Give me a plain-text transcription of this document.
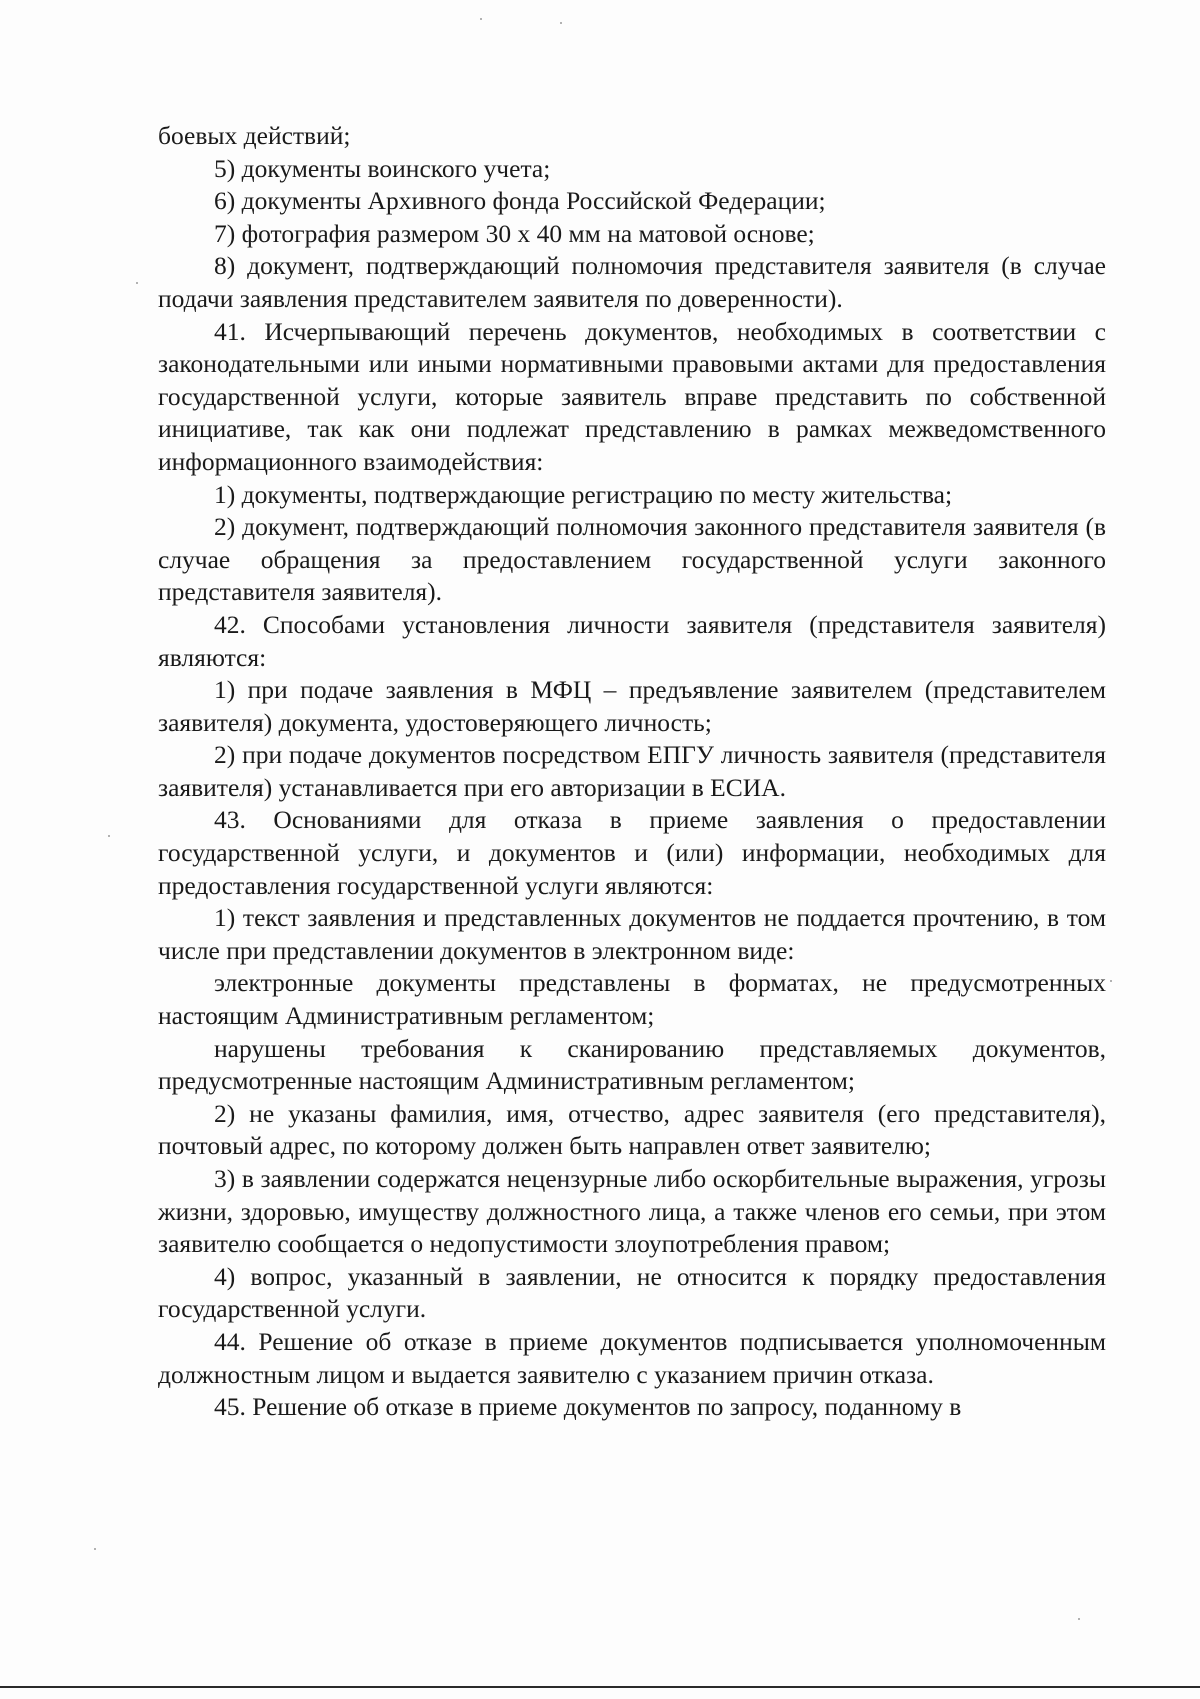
боевых действий;

5) документы воинского учета;

6) документы Архивного фонда Российской Федерации;

7) фотография размером 30 х 40 мм на матовой основе;

8) документ, подтверждающий полномочия представителя заявителя (в случае подачи заявления представителем заявителя по доверенности).

41. Исчерпывающий перечень документов, необходимых в соответствии с законодательными или иными нормативными правовыми актами для предоставления государственной услуги, которые заявитель вправе представить по собственной инициативе, так как они подлежат представлению в рамках межведомственного информационного взаимодействия:

1) документы, подтверждающие регистрацию по месту жительства;

2) документ, подтверждающий полномочия законного представителя заявителя (в случае обращения за предоставлением государственной услуги законного представителя заявителя).

42. Способами установления личности заявителя (представителя заявителя) являются:

1) при подаче заявления в МФЦ – предъявление заявителем (представителем заявителя) документа, удостоверяющего личность;

2) при подаче документов посредством ЕПГУ личность заявителя (представителя заявителя) устанавливается при его авторизации в ЕСИА.

43. Основаниями для отказа в приеме заявления о предоставлении государственной услуги, и документов и (или) информации, необходимых для предоставления государственной услуги являются:

1) текст заявления и представленных документов не поддается прочтению, в том числе при представлении документов в электронном виде:

электронные документы представлены в форматах, не предусмотренных настоящим Административным регламентом;

нарушены требования к сканированию представляемых документов, предусмотренные настоящим Административным регламентом;

2) не указаны фамилия, имя, отчество, адрес заявителя (его представителя), почтовый адрес, по которому должен быть направлен ответ заявителю;

3) в заявлении содержатся нецензурные либо оскорбительные выражения, угрозы жизни, здоровью, имуществу должностного лица, а также членов его семьи, при этом заявителю сообщается о недопустимости злоупотребления правом;

4) вопрос, указанный в заявлении, не относится к порядку предоставления государственной услуги.

44. Решение об отказе в приеме документов подписывается уполномоченным должностным лицом и выдается заявителю с указанием причин отказа.

45. Решение об отказе в приеме документов по запросу, поданному в
